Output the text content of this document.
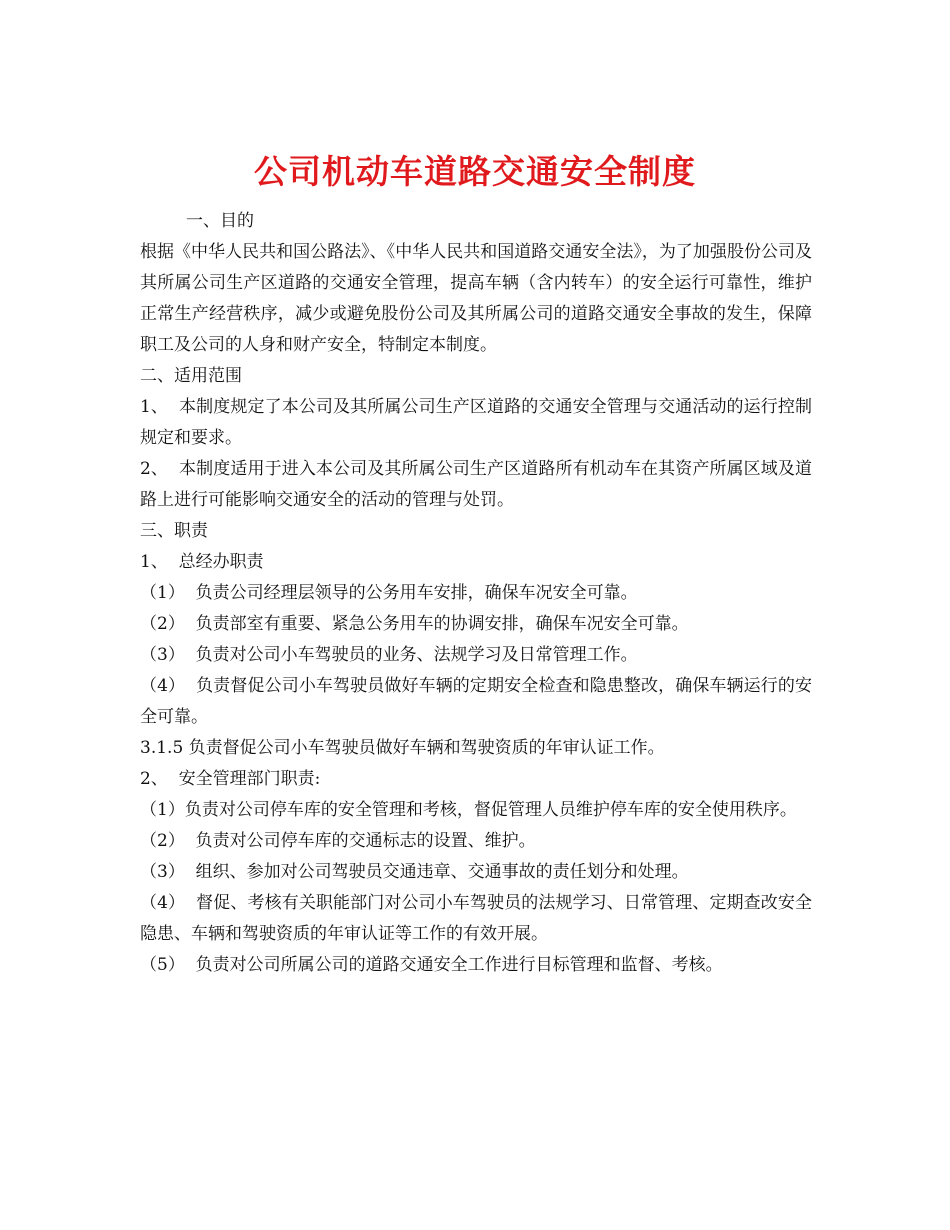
公司机动车道路交通安全制度

一、目的

根据《中华人民共和国公路法》、《中华人民共和国道路交通安全法》，为了加强股份公司及其所属公司生产区道路的交通安全管理，提高车辆（含内转车）的安全运行可靠性，维护正常生产经营秩序，减少或避免股份公司及其所属公司的道路交通安全事故的发生，保障职工及公司的人身和财产安全，特制定本制度。

二、适用范围

1、  本制度规定了本公司及其所属公司生产区道路的交通安全管理与交通活动的运行控制规定和要求。

2、  本制度适用于进入本公司及其所属公司生产区道路所有机动车在其资产所属区域及道路上进行可能影响交通安全的活动的管理与处罚。

三、职责

1、  总经办职责

（1）  负责公司经理层领导的公务用车安排，确保车况安全可靠。

（2）  负责部室有重要、紧急公务用车的协调安排，确保车况安全可靠。

（3）  负责对公司小车驾驶员的业务、法规学习及日常管理工作。

（4）  负责督促公司小车驾驶员做好车辆的定期安全检查和隐患整改，确保车辆运行的安全可靠。

3.1.5 负责督促公司小车驾驶员做好车辆和驾驶资质的年审认证工作。

2、  安全管理部门职责:

（1）负责对公司停车库的安全管理和考核，督促管理人员维护停车库的安全使用秩序。

（2）  负责对公司停车库的交通标志的设置、维护。

（3）  组织、参加对公司驾驶员交通违章、交通事故的责任划分和处理。

（4）  督促、考核有关职能部门对公司小车驾驶员的法规学习、日常管理、定期查改安全隐患、车辆和驾驶资质的年审认证等工作的有效开展。

（5）  负责对公司所属公司的道路交通安全工作进行目标管理和监督、考核。
